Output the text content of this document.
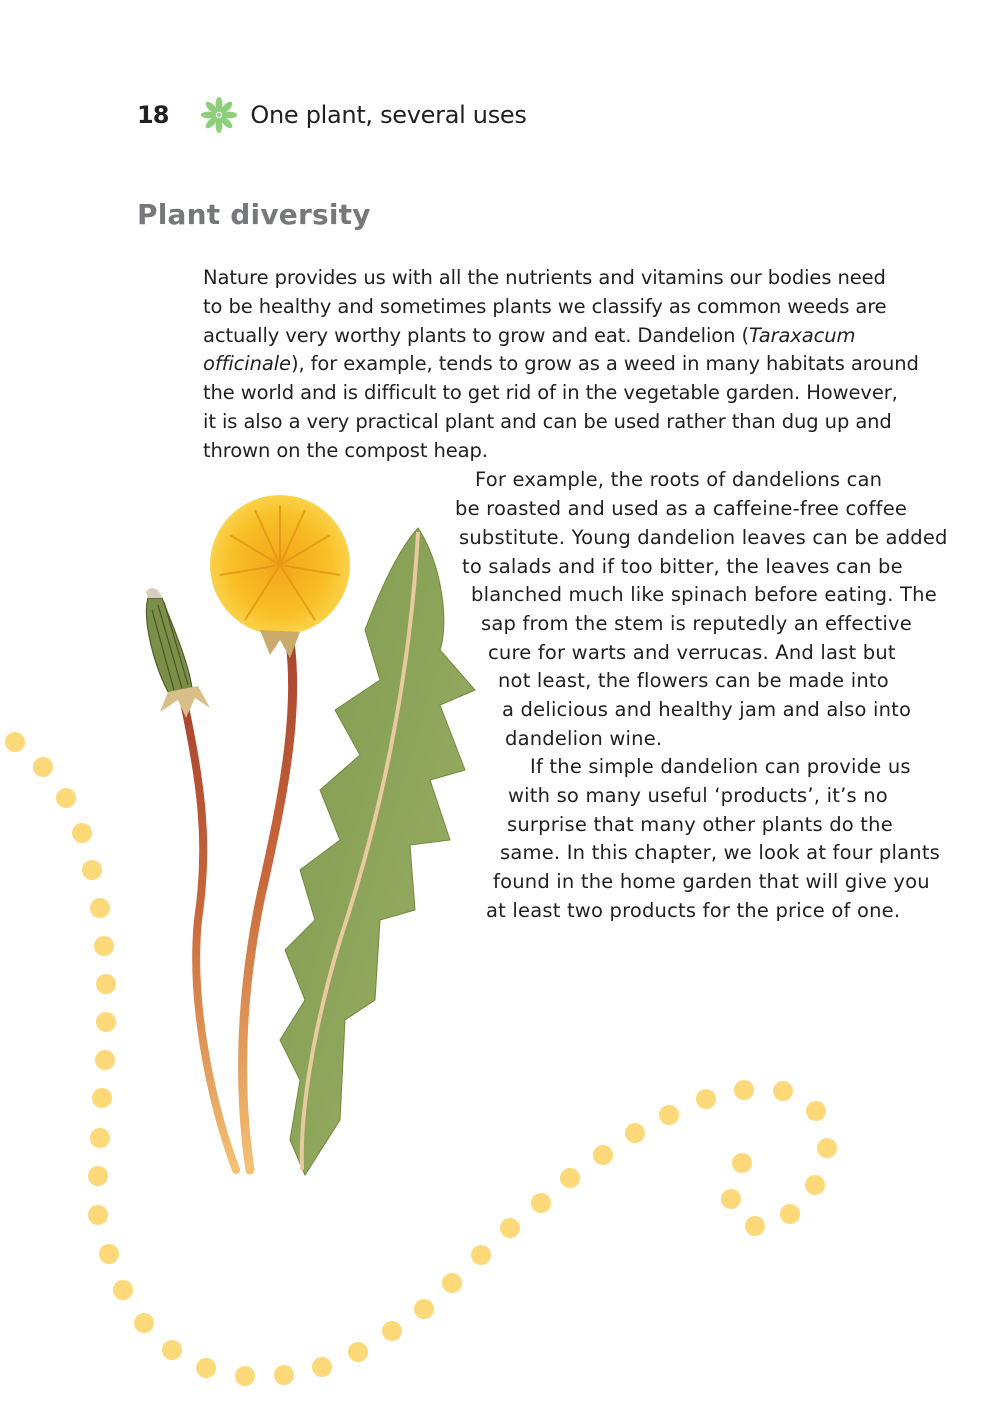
18	One plant, several uses
Plant diversity

Nature provides us with all the nutrients and vitamins our bodies need
to be healthy and sometimes plants we classify as common weeds are
actually very worthy plants to grow and eat. Dandelion (Taraxacum
officinale), for example, tends to grow as a weed in many habitats around
the world and is difficult to get rid of in the vegetable garden. However,
it is also a very practical plant and can be used rather than dug up and
thrown on the compost heap.

For example, the roots of dandelions can
be roasted and used as a caffeine-free coffee
substitute. Young dandelion leaves can be added
to salads and if too bitter, the leaves can be
blanched much like spinach before eating. The
sap from the stem is reputedly an effective
cure for warts and verrucas. And last but
not least, the flowers can be made into
a delicious and healthy jam and also into
dandelion wine.
If the simple dandelion can provide us
with so many useful ‘products’, it’s no
surprise that many other plants do the
same. In this chapter, we look at four plants
found in the home garden that will give you
at least two products for the price of one.
